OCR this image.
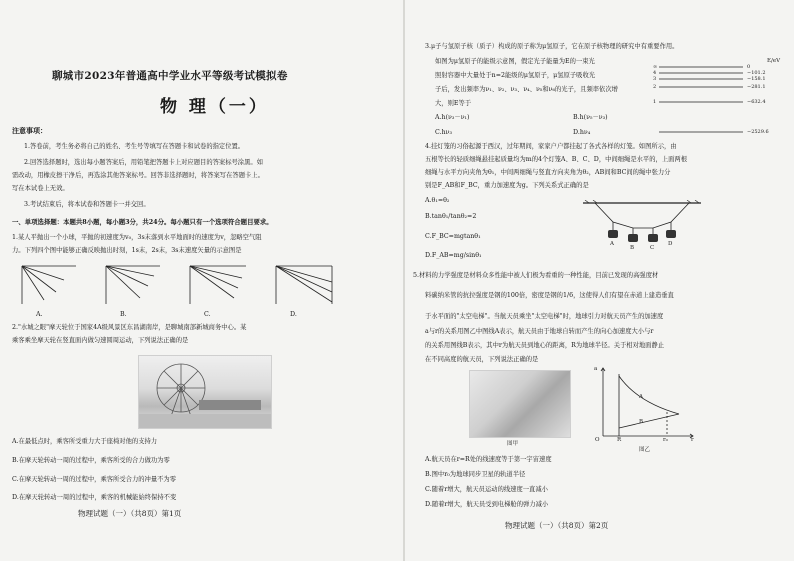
聊城市2023年普通高中学业水平等级考试模拟卷
物 理（一）
注意事项：
1.答卷前，考生务必将自己的姓名、考生号等填写在答题卡和试卷的指定位置。
2.回答选择题时，选出每小题答案后，用铅笔把答题卡上对应题目的答案标号涂黑。如
需改动，用橡皮擦干净后，再选涂其他答案标号。回答非选择题时，将答案写在答题卡上。
写在本试卷上无效。
3.考试结束后，将本试卷和答题卡一并交回。
一、单项选择题：本题共8小题，每小题3分，共24分。每小题只有一个选项符合题目要求。
1.某人平抛出一个小球，平抛的初速度为v₀，3s末落到水平地面时的速度为v，忽略空气阻
力。下列四个图中能够正确反映抛出时刻，1s末，2s末，3s末速度矢量的示意图是
A.	B.	C.	D.
2."水城之眼"摩天轮位于国家4A级风景区东昌湖南岸，是聊城南部新城商务中心。某
乘客乘坐摩天轮在竖直面内做匀速圆周运动，下列说法正确的是
A.在最低点时，乘客所受重力大于座椅对他的支持力
B.在摩天轮转动一周的过程中，乘客所受的合力做功为零
C.在摩天轮转动一周的过程中，乘客所受合力的冲量不为零
D.在摩天轮转动一周的过程中，乘客的机械能始终保持不变
物理试题（一）（共8页）第1页
3.μ子与氢原子核（质子）构成的原子称为μ氢原子，它在原子核物理的研究中有重要作用。
如图为μ氢原子的能级示意图，假定光子能量为E的一束光
照射容器中大量处于n=2能级的μ氢原子，μ氢原子吸收光
子后，发出频率为ν₁、ν₂、ν₃、ν₄、ν₅和ν₆的光子，且频率依次增
大，则E等于
A.h(ν₃－ν₁)	B.h(ν₅－ν₃)
C.hν₃	D.hν₄
E/eV
∞
4
3
2
1
0
−101.2
−158.1
−281.1
−632.4
−2529.6
4.挂灯笼的习俗起源于西汉，过年期间，家家户户都挂起了各式各样的灯笼。如图所示，由
五根等长的轻质细绳悬挂起质量均为m的4个灯笼A、B、C、D，中间细绳是水平的，上面两根
细绳与水平方向夹角为θ₁，中间两细绳与竖直方向夹角为θ₂，AB间和BC间的绳中张力分
别是F_AB和F_BC，重力加速度为g。下列关系式正确的是
A.θ₁=θ₂
B.tanθ₁/tanθ₂=2
C.F_BC=mgtanθ₁
D.F_AB=mg/sinθ₁
A
B	C
D
5.材料的力学强度是材料众多性能中被人们极为看重的一种性能，目前已发现的高强度材
料碳纳米管的抗拉强度是钢的100倍，密度是钢的1/6，这使得人们有望在赤道上建造垂直
于水平面的"太空电梯"。当航天员乘坐"太空电梯"时，地球引力对航天员产生的加速度
a与r的关系用图乙中图线A表示，航天员由于地球自转而产生的向心加速度大小与r
的关系用图线B表示，其中r为航天员到地心的距离，R为地球半径。关于相对地面静止
在不同高度的航天员，下列说法正确的是
图甲
a
r
O	R	r₀
A
B
图乙
A.航天员在r=R处的线速度等于第一宇宙速度
B.图中r₀为地球同步卫星的轨道半径
C.随着r增大，航天员运动的线速度一直减小
D.随着r增大，航天员受到电梯舱的弹力减小
物理试题（一）（共8页）第2页
